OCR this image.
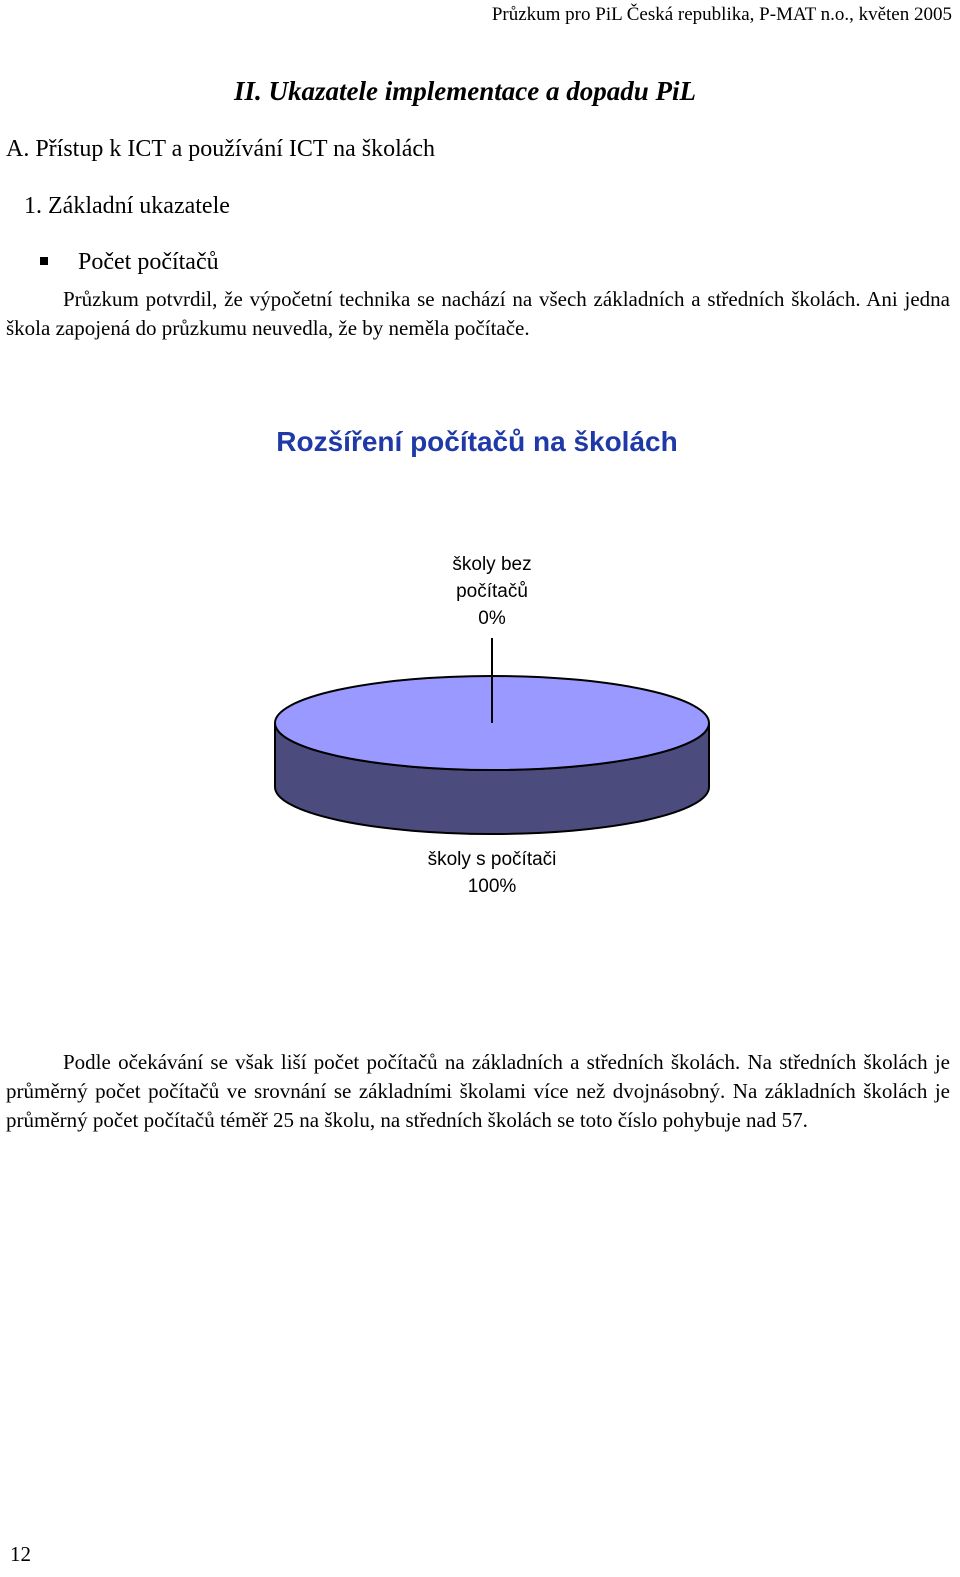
Průzkum pro PiL Česká republika, P-MAT n.o., květen 2005
II. Ukazatele implementace a dopadu PiL
A. Přístup k ICT a používání ICT na školách
1. Základní ukazatele
Počet počítačů
Průzkum potvrdil, že výpočetní technika se nachází na všech základních a středních školách. Ani jedna škola zapojená do průzkumu neuvedla, že by neměla počítače.
Rozšíření počítačů na školách
školy bez
počítačů
0%
školy s počítači
100%
Podle očekávání se však liší počet počítačů na základních a středních školách. Na středních školách je průměrný počet počítačů ve srovnání se základními školami více než dvojnásobný. Na základních školách je průměrný počet počítačů téměř 25 na školu, na středních školách se toto číslo pohybuje nad 57.
12
